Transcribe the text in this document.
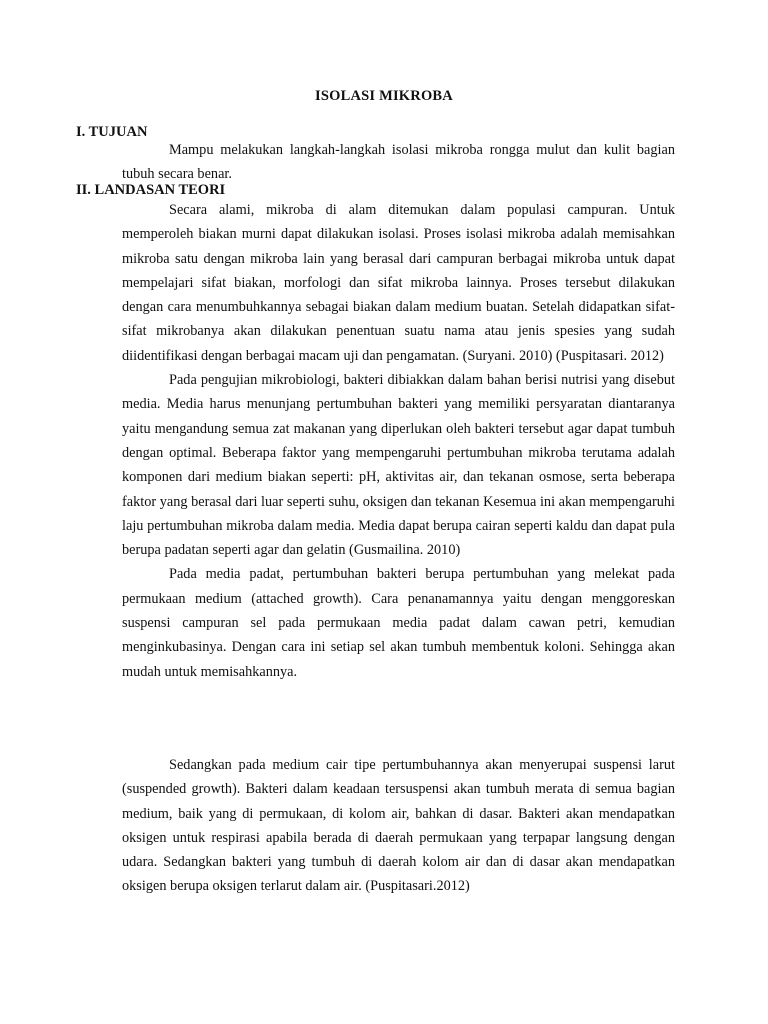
ISOLASI MIKROBA
I. TUJUAN

Mampu melakukan langkah-langkah isolasi mikroba rongga mulut dan kulit bagian tubuh secara benar.

II. LANDASAN TEORI

Secara alami, mikroba di alam ditemukan dalam populasi campuran. Untuk memperoleh biakan murni dapat dilakukan isolasi. Proses isolasi mikroba adalah memisahkan mikroba satu dengan mikroba lain yang berasal dari campuran berbagai mikroba untuk dapat mempelajari sifat biakan, morfologi dan sifat mikroba lainnya. Proses tersebut dilakukan dengan cara menumbuhkannya sebagai biakan dalam medium buatan. Setelah didapatkan sifat-sifat mikrobanya akan dilakukan penentuan suatu nama atau jenis spesies yang sudah diidentifikasi dengan berbagai macam uji dan pengamatan. (Suryani. 2010) (Puspitasari. 2012)

Pada pengujian mikrobiologi, bakteri dibiakkan dalam bahan berisi nutrisi yang disebut media. Media harus menunjang pertumbuhan bakteri yang memiliki persyaratan diantaranya yaitu mengandung semua zat makanan yang diperlukan oleh bakteri tersebut agar dapat tumbuh dengan optimal. Beberapa faktor yang mempengaruhi pertumbuhan mikroba terutama adalah komponen dari medium biakan seperti: pH, aktivitas air, dan tekanan osmose, serta beberapa faktor yang berasal dari luar seperti suhu, oksigen dan tekanan Kesemua ini akan mempengaruhi laju pertumbuhan mikroba dalam media. Media dapat berupa cairan seperti kaldu dan dapat pula berupa padatan seperti agar dan gelatin (Gusmailina. 2010)

Pada media padat, pertumbuhan bakteri berupa pertumbuhan yang melekat pada permukaan medium (attached growth). Cara penanamannya yaitu dengan menggoreskan suspensi campuran sel pada permukaan media padat dalam cawan petri, kemudian menginkubasinya. Dengan cara ini setiap sel akan tumbuh membentuk koloni. Sehingga akan mudah untuk memisahkannya.

Sedangkan pada medium cair tipe pertumbuhannya akan menyerupai suspensi larut (suspended growth). Bakteri dalam keadaan tersuspensi akan tumbuh merata di semua bagian medium, baik yang di permukaan, di kolom air, bahkan di dasar. Bakteri akan mendapatkan oksigen untuk respirasi apabila berada di daerah permukaan yang terpapar langsung dengan udara. Sedangkan bakteri yang tumbuh di daerah kolom air dan di dasar akan mendapatkan oksigen berupa oksigen terlarut dalam air. (Puspitasari.2012)
